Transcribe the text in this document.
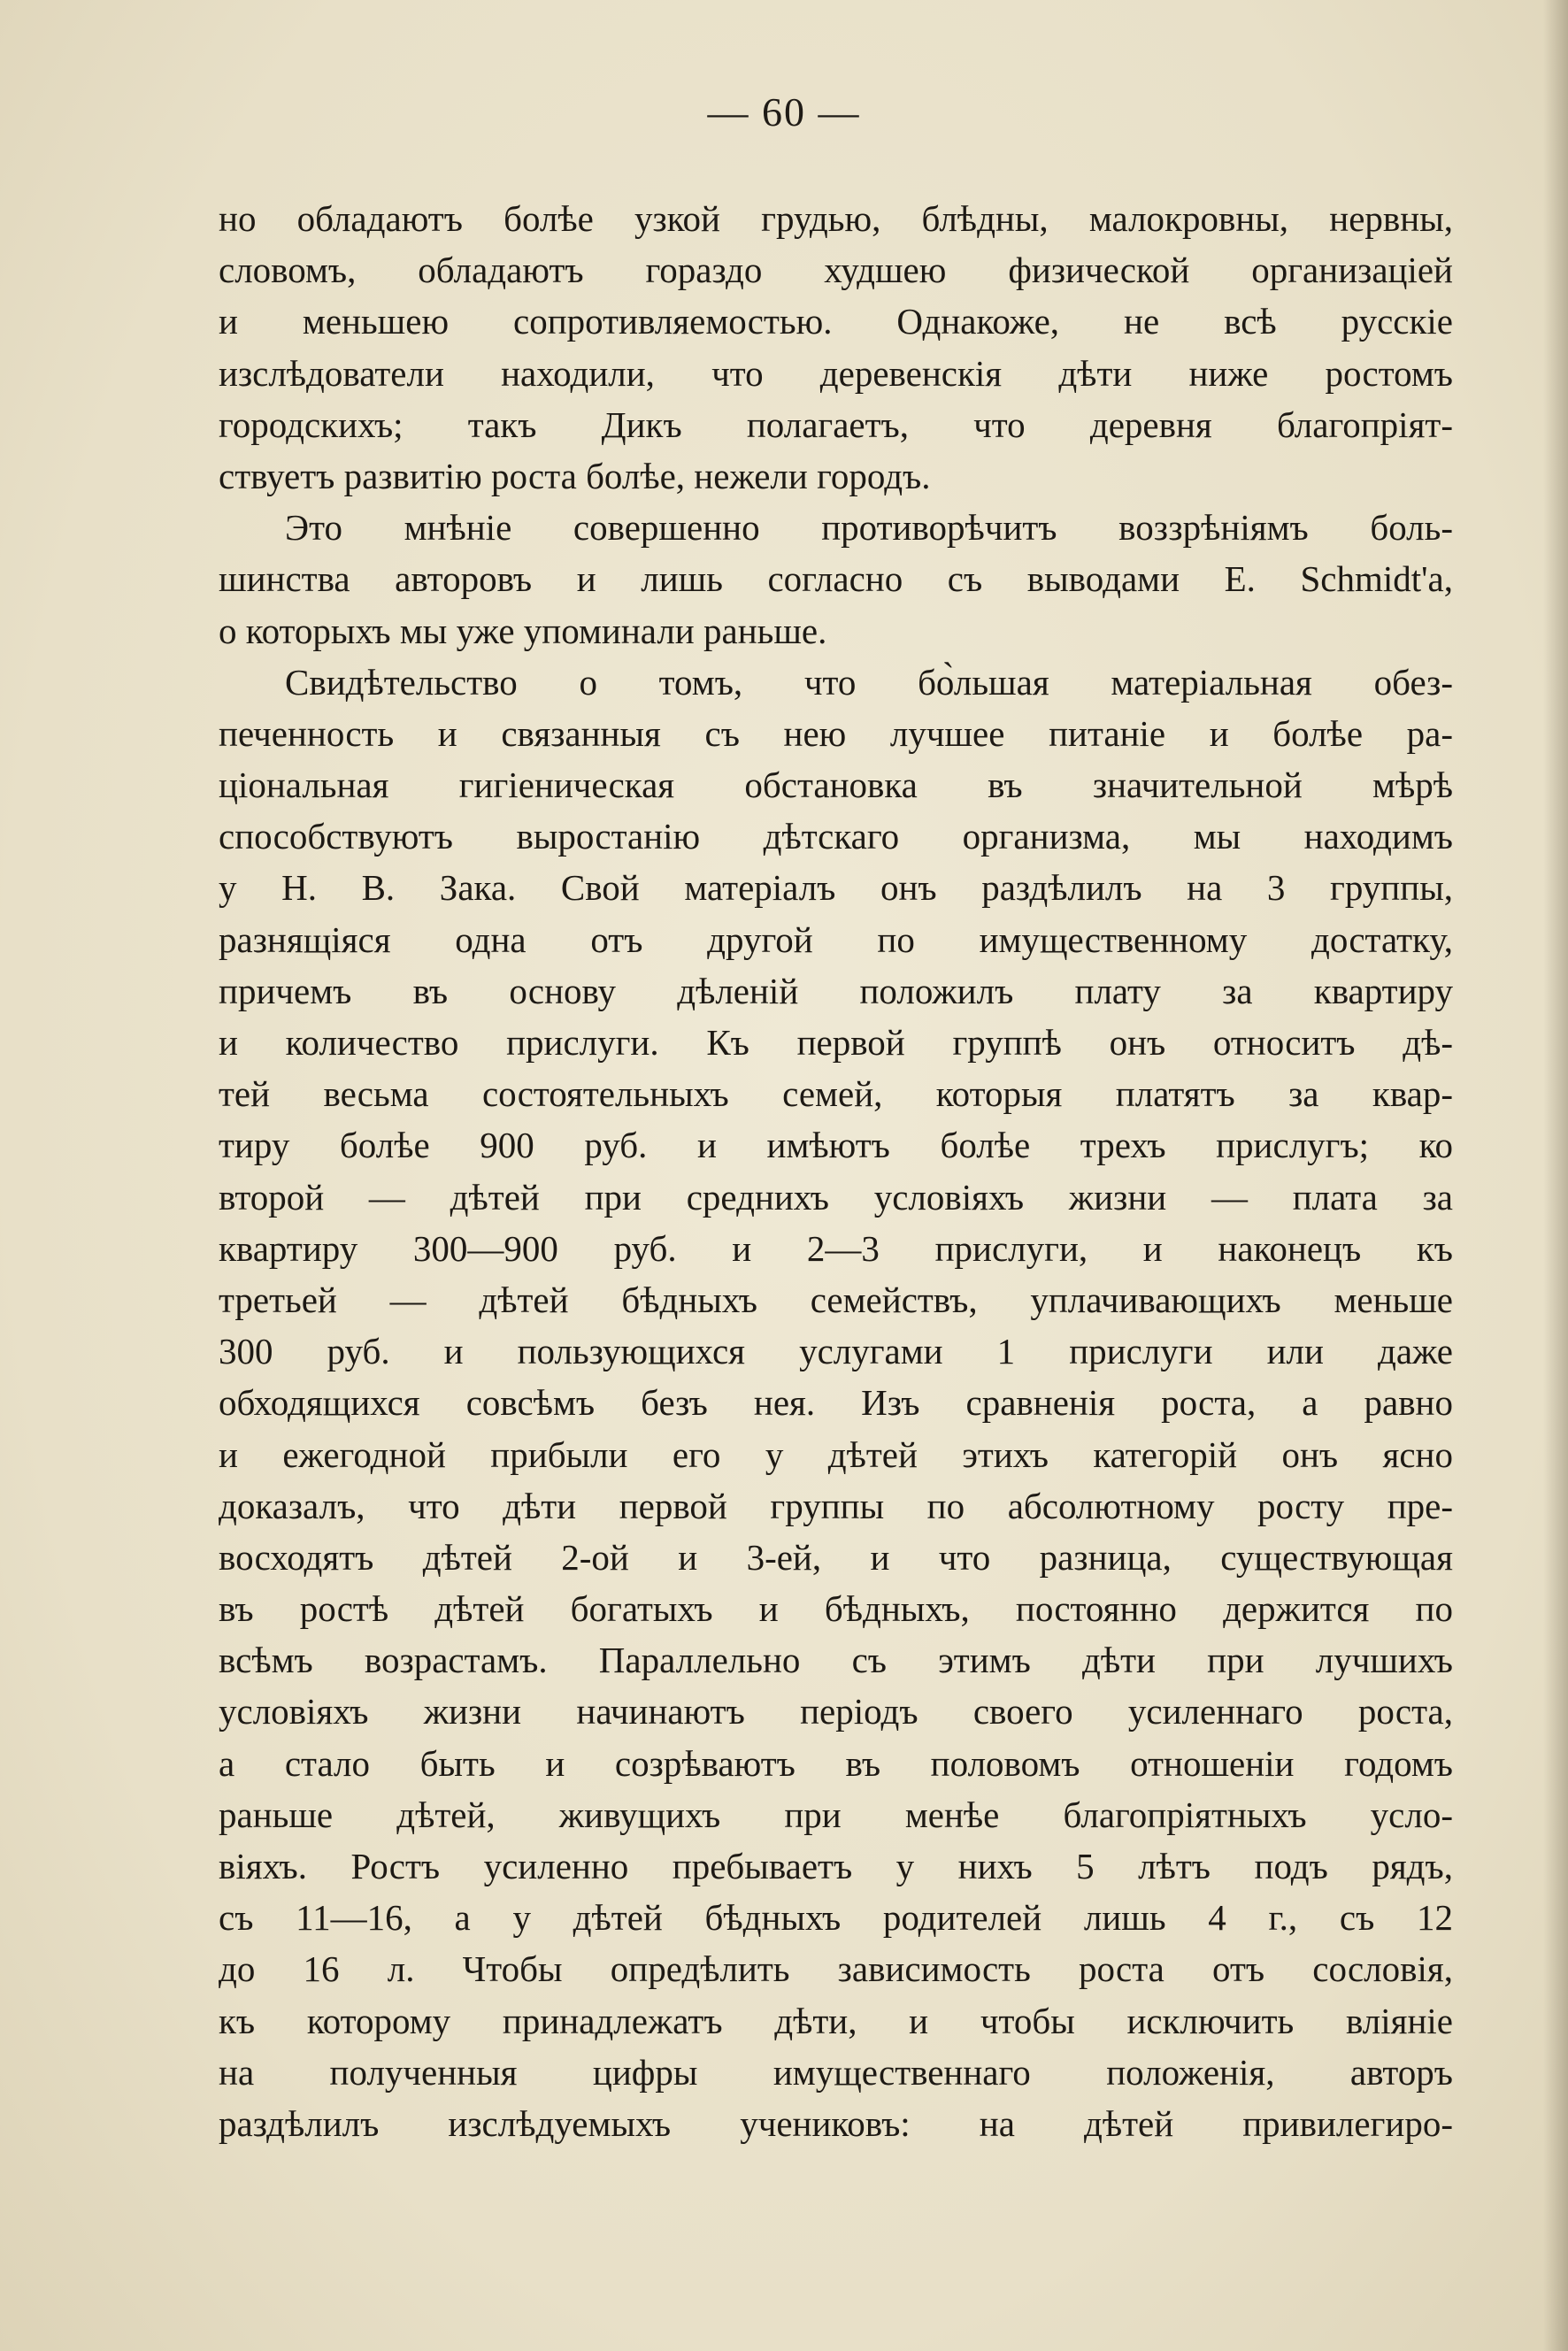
— 60 —

но обладаютъ болѣе узкой грудью, блѣдны, малокровны, нервны,
словомъ, обладаютъ гораздо худшею физической организацiей
и меньшею сопротивляемостью. Однакоже, не всѣ русскiе
изслѣдователи находили, что деревенскiя дѣти ниже ростомъ
городскихъ; такъ Дикъ полагаетъ, что деревня благопрiят-
ствуетъ развитiю роста болѣе, нежели городъ.

Это мнѣнiе совершенно противорѣчитъ воззрѣнiямъ боль-
шинства авторовъ и лишь согласно съ выводами E. Schmidt'а,
о которыхъ мы уже упоминали раньше.

Свидѣтельство о томъ, что бо̀льшая матерiальная обез-
печенность и связанныя съ нею лучшее питанiе и болѣе ра-
цiональная гигiеническая обстановка въ значительной мѣрѣ
способствуютъ выростанiю дѣтскаго организма, мы находимъ
у Н. В. Зака. Свой матерiалъ онъ раздѣлилъ на 3 группы,
разнящiяся одна отъ другой по имущественному достатку,
причемъ въ основу дѣленiй положилъ плату за квартиру
и количество прислуги. Къ первой группѣ онъ относитъ дѣ-
тей весьма состоятельныхъ семей, которыя платятъ за квар-
тиру болѣе 900 руб. и имѣютъ болѣе трехъ прислугъ; ко
второй — дѣтей при среднихъ условiяхъ жизни — плата за
квартиру 300—900 руб. и 2—3 прислуги, и наконецъ къ
третьей — дѣтей бѣдныхъ семействъ, уплачивающихъ меньше
300 руб. и пользующихся услугами 1 прислуги или даже
обходящихся совсѣмъ безъ нея. Изъ сравненiя роста, а равно
и ежегодной прибыли его у дѣтей этихъ категорiй онъ ясно
доказалъ, что дѣти первой группы по абсолютному росту пре-
восходятъ дѣтей 2-ой и 3-ей, и что разница, существующая
въ ростѣ дѣтей богатыхъ и бѣдныхъ, постоянно держится по
всѣмъ возрастамъ. Параллельно съ этимъ дѣти при лучшихъ
условiяхъ жизни начинаютъ перiодъ своего усиленнаго роста,
а стало быть и созрѣваютъ въ половомъ отношенiи годомъ
раньше дѣтей, живущихъ при менѣе благопрiятныхъ усло-
вiяхъ. Ростъ усиленно пребываетъ у нихъ 5 лѣтъ подъ рядъ,
съ 11—16, а у дѣтей бѣдныхъ родителей лишь 4 г., съ 12
до 16 л. Чтобы опредѣлить зависимость роста отъ сословiя,
къ которому принадлежатъ дѣти, и чтобы исключить влiянiе
на полученныя цифры имущественнаго положенiя, авторъ
раздѣлилъ изслѣдуемыхъ учениковъ: на дѣтей привилегиро-
